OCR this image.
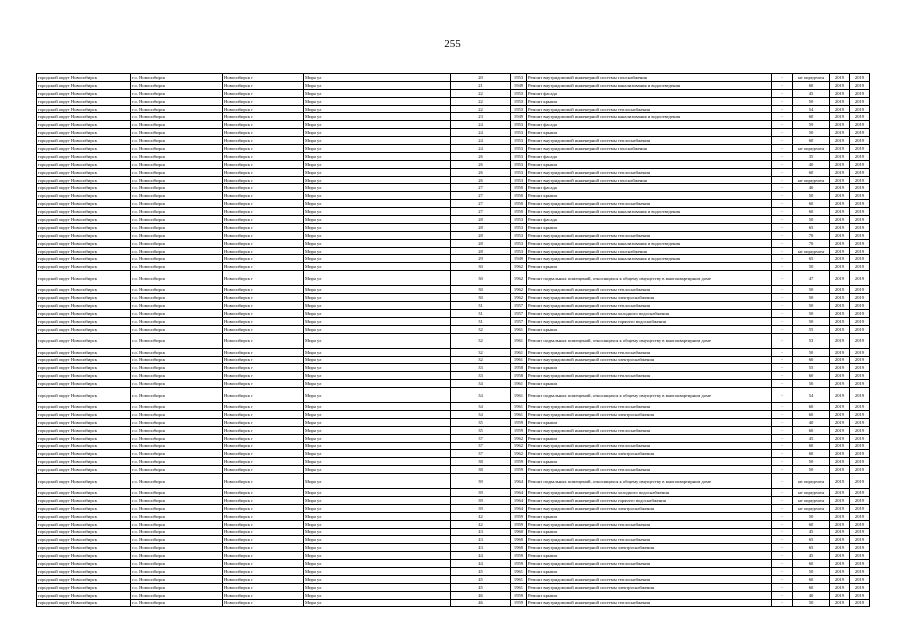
255
городской округ Новосибирск	г.о. Новосибирск	Новосибирск г	Мира ул	20	1953	Ремонт внутридомовой инженерной системы газоснабжения	-	не определен	2019	2019
городской округ Новосибирск	г.о. Новосибирск	Новосибирск г	Мира ул	21	1949	Ремонт внутридомовой инженерной системы канализования и водоотведения	-	60	2019	2019
городской округ Новосибирск	г.о. Новосибирск	Новосибирск г	Мира ул	22	1953	Ремонт фасада	-	45	2019	2019
городской округ Новосибирск	г.о. Новосибирск	Новосибирск г	Мира ул	22	1953	Ремонт крыши	-	50	2019	2019
городской округ Новосибирск	г.о. Новосибирск	Новосибирск г	Мира ул	22	1953	Ремонт внутридомовой инженерной системы теплоснабжения	-	54	2019	2019
городской округ Новосибирск	г.о. Новосибирск	Новосибирск г	Мира ул	23	1949	Ремонт внутридомовой инженерной системы канализования и водоотведения	-	60	2019	2019
городской округ Новосибирск	г.о. Новосибирск	Новосибирск г	Мира ул	24	1953	Ремонт фасада	-	59	2019	2019
городской округ Новосибирск	г.о. Новосибирск	Новосибирск г	Мира ул	24	1953	Ремонт крыши	-	50	2019	2019
городской округ Новосибирск	г.о. Новосибирск	Новосибирск г	Мира ул	24	1953	Ремонт внутридомовой инженерной системы теплоснабжения	-	60	2019	2019
городской округ Новосибирск	г.о. Новосибирск	Новосибирск г	Мира ул	24	1953	Ремонт внутридомовой инженерной системы газоснабжения	-	не определен	2019	2019
городской округ Новосибирск	г.о. Новосибирск	Новосибирск г	Мира ул	26	1953	Ремонт фасада	-	35	2019	2019
городской округ Новосибирск	г.о. Новосибирск	Новосибирск г	Мира ул	26	1953	Ремонт крыши	-	40	2019	2019
городской округ Новосибирск	г.о. Новосибирск	Новосибирск г	Мира ул	26	1953	Ремонт внутридомовой инженерной системы теплоснабжения	-	60	2019	2019
городской округ Новосибирск	г.о. Новосибирск	Новосибирск г	Мира ул	26	1953	Ремонт внутридомовой инженерной системы газоснабжения	-	не определен	2019	2019
городской округ Новосибирск	г.о. Новосибирск	Новосибирск г	Мира ул	27	1950	Ремонт фасада	-	46	2019	2019
городской округ Новосибирск	г.о. Новосибирск	Новосибирск г	Мира ул	27	1950	Ремонт крыши	-	50	2019	2019
городской округ Новосибирск	г.о. Новосибирск	Новосибирск г	Мира ул	27	1950	Ремонт внутридомовой инженерной системы теплоснабжения	-	60	2019	2019
городской округ Новосибирск	г.о. Новосибирск	Новосибирск г	Мира ул	27	1950	Ремонт внутридомовой инженерной системы канализования и водоотведения	-	60	2019	2019
городской округ Новосибирск	г.о. Новосибирск	Новосибирск г	Мира ул	28	1953	Ремонт фасада	-	50	2019	2019
городской округ Новосибирск	г.о. Новосибирск	Новосибирск г	Мира ул	28	1953	Ремонт крыши	-	65	2019	2019
городской округ Новосибирск	г.о. Новосибирск	Новосибирск г	Мира ул	28	1953	Ремонт внутридомовой инженерной системы теплоснабжения	-	70	2019	2019
городской округ Новосибирск	г.о. Новосибирск	Новосибирск г	Мира ул	28	1953	Ремонт внутридомовой инженерной системы канализования и водоотведения	-	70	2019	2019
городской округ Новосибирск	г.о. Новосибирск	Новосибирск г	Мира ул	28	1953	Ремонт внутридомовой инженерной системы газоснабжения	-	не определен	2019	2019
городской округ Новосибирск	г.о. Новосибирск	Новосибирск г	Мира ул	29	1949	Ремонт внутридомовой инженерной системы канализования и водоотведения	-	65	2019	2019
городской округ Новосибирск	г.о. Новосибирск	Новосибирск г	Мира ул	30	1962	Ремонт крыши	-	50	2019	2019
городской округ Новосибирск	г.о. Новосибирск	Новосибирск г	Мира ул	30	1962	Ремонт подвальных помещений, относящихся к общему имуществу в многоквартирном доме	-	47	2019	2019
городской округ Новосибирск	г.о. Новосибирск	Новосибирск г	Мира ул	30	1962	Ремонт внутридомовой инженерной системы теплоснабжения	-	50	2019	2019
городской округ Новосибирск	г.о. Новосибирск	Новосибирск г	Мира ул	30	1962	Ремонт внутридомовой инженерной системы электроснабжения	-	50	2019	2019
городской округ Новосибирск	г.о. Новосибирск	Новосибирск г	Мира ул	31	1957	Ремонт внутридомовой инженерной системы теплоснабжения	-	50	2019	2019
городской округ Новосибирск	г.о. Новосибирск	Новосибирск г	Мира ул	31	1957	Ремонт внутридомовой инженерной системы холодного водоснабжения	-	50	2019	2019
городской округ Новосибирск	г.о. Новосибирск	Новосибирск г	Мира ул	31	1957	Ремонт внутридомовой инженерной системы горячего водоснабжения	-	50	2019	2019
городской округ Новосибирск	г.о. Новосибирск	Новосибирск г	Мира ул	32	1961	Ремонт крыши	-	55	2019	2019
городской округ Новосибирск	г.о. Новосибирск	Новосибирск г	Мира ул	32	1961	Ремонт подвальных помещений, относящихся к общему имуществу в многоквартирном доме	-	53	2019	2019
городской округ Новосибирск	г.о. Новосибирск	Новосибирск г	Мира ул	32	1961	Ремонт внутридомовой инженерной системы теплоснабжения	-	50	2019	2019
городской округ Новосибирск	г.о. Новосибирск	Новосибирск г	Мира ул	32	1961	Ремонт внутридомовой инженерной системы электроснабжения	-	60	2019	2019
городской округ Новосибирск	г.о. Новосибирск	Новосибирск г	Мира ул	33	1958	Ремонт крыши	-	55	2019	2019
городской округ Новосибирск	г.о. Новосибирск	Новосибирск г	Мира ул	33	1958	Ремонт внутридомовой инженерной системы теплоснабжения	-	60	2019	2019
городской округ Новосибирск	г.о. Новосибирск	Новосибирск г	Мира ул	34	1961	Ремонт крыши	-	50	2019	2019
городской округ Новосибирск	г.о. Новосибирск	Новосибирск г	Мира ул	34	1961	Ремонт подвальных помещений, относящихся к общему имуществу в многоквартирном доме	-	54	2019	2019
городской округ Новосибирск	г.о. Новосибирск	Новосибирск г	Мира ул	34	1961	Ремонт внутридомовой инженерной системы теплоснабжения	-	60	2019	2019
городской округ Новосибирск	г.о. Новосибирск	Новосибирск г	Мира ул	34	1961	Ремонт внутридомовой инженерной системы электроснабжения	-	60	2019	2019
городской округ Новосибирск	г.о. Новосибирск	Новосибирск г	Мира ул	35	1959	Ремонт крыши	-	40	2019	2019
городской округ Новосибирск	г.о. Новосибирск	Новосибирск г	Мира ул	35	1959	Ремонт внутридомовой инженерной системы теплоснабжения	-	60	2019	2019
городской округ Новосибирск	г.о. Новосибирск	Новосибирск г	Мира ул	37	1962	Ремонт крыши	-	45	2019	2019
городской округ Новосибирск	г.о. Новосибирск	Новосибирск г	Мира ул	37	1962	Ремонт внутридомовой инженерной системы теплоснабжения	-	60	2019	2019
городской округ Новосибирск	г.о. Новосибирск	Новосибирск г	Мира ул	37	1962	Ремонт внутридомовой инженерной системы электроснабжения	-	60	2019	2019
городской округ Новосибирск	г.о. Новосибирск	Новосибирск г	Мира ул	38	1959	Ремонт крыши	-	50	2019	2019
городской округ Новосибирск	г.о. Новосибирск	Новосибирск г	Мира ул	38	1959	Ремонт внутридомовой инженерной системы теплоснабжения	-	50	2019	2019
городской округ Новосибирск	г.о. Новосибирск	Новосибирск г	Мира ул	39	1964	Ремонт подвальных помещений, относящихся к общему имуществу в многоквартирном доме	-	не определен	2019	2019
городской округ Новосибирск	г.о. Новосибирск	Новосибирск г	Мира ул	39	1964	Ремонт внутридомовой инженерной системы холодного водоснабжения	-	не определен	2019	2019
городской округ Новосибирск	г.о. Новосибирск	Новосибирск г	Мира ул	39	1964	Ремонт внутридомовой инженерной системы горячего водоснабжения	-	не определен	2019	2019
городской округ Новосибирск	г.о. Новосибирск	Новосибирск г	Мира ул	39	1964	Ремонт внутридомовой инженерной системы электроснабжения	-	не определен	2019	2019
городской округ Новосибирск	г.о. Новосибирск	Новосибирск г	Мира ул	42	1959	Ремонт крыши	-	50	2019	2019
городской округ Новосибирск	г.о. Новосибирск	Новосибирск г	Мира ул	42	1959	Ремонт внутридомовой инженерной системы теплоснабжения	-	60	2019	2019
городской округ Новосибирск	г.о. Новосибирск	Новосибирск г	Мира ул	43	1960	Ремонт крыши	-	45	2019	2019
городской округ Новосибирск	г.о. Новосибирск	Новосибирск г	Мира ул	43	1960	Ремонт внутридомовой инженерной системы теплоснабжения	-	65	2019	2019
городской округ Новосибирск	г.о. Новосибирск	Новосибирск г	Мира ул	43	1960	Ремонт внутридомовой инженерной системы электроснабжения	-	65	2019	2019
городской округ Новосибирск	г.о. Новосибирск	Новосибирск г	Мира ул	44	1959	Ремонт крыши	-	45	2019	2019
городской округ Новосибирск	г.о. Новосибирск	Новосибирск г	Мира ул	44	1959	Ремонт внутридомовой инженерной системы теплоснабжения	-	60	2019	2019
городской округ Новосибирск	г.о. Новосибирск	Новосибирск г	Мира ул	45	1961	Ремонт крыши	-	50	2019	2019
городской округ Новосибирск	г.о. Новосибирск	Новосибирск г	Мира ул	45	1961	Ремонт внутридомовой инженерной системы теплоснабжения	-	60	2019	2019
городской округ Новосибирск	г.о. Новосибирск	Новосибирск г	Мира ул	45	1961	Ремонт внутридомовой инженерной системы электроснабжения	-	60	2019	2019
городской округ Новосибирск	г.о. Новосибирск	Новосибирск г	Мира ул	46	1959	Ремонт крыши	-	40	2019	2019
городской округ Новосибирск	г.о. Новосибирск	Новосибирск г	Мира ул	46	1959	Ремонт внутридомовой инженерной системы теплоснабжения	-	50	2019	2019
